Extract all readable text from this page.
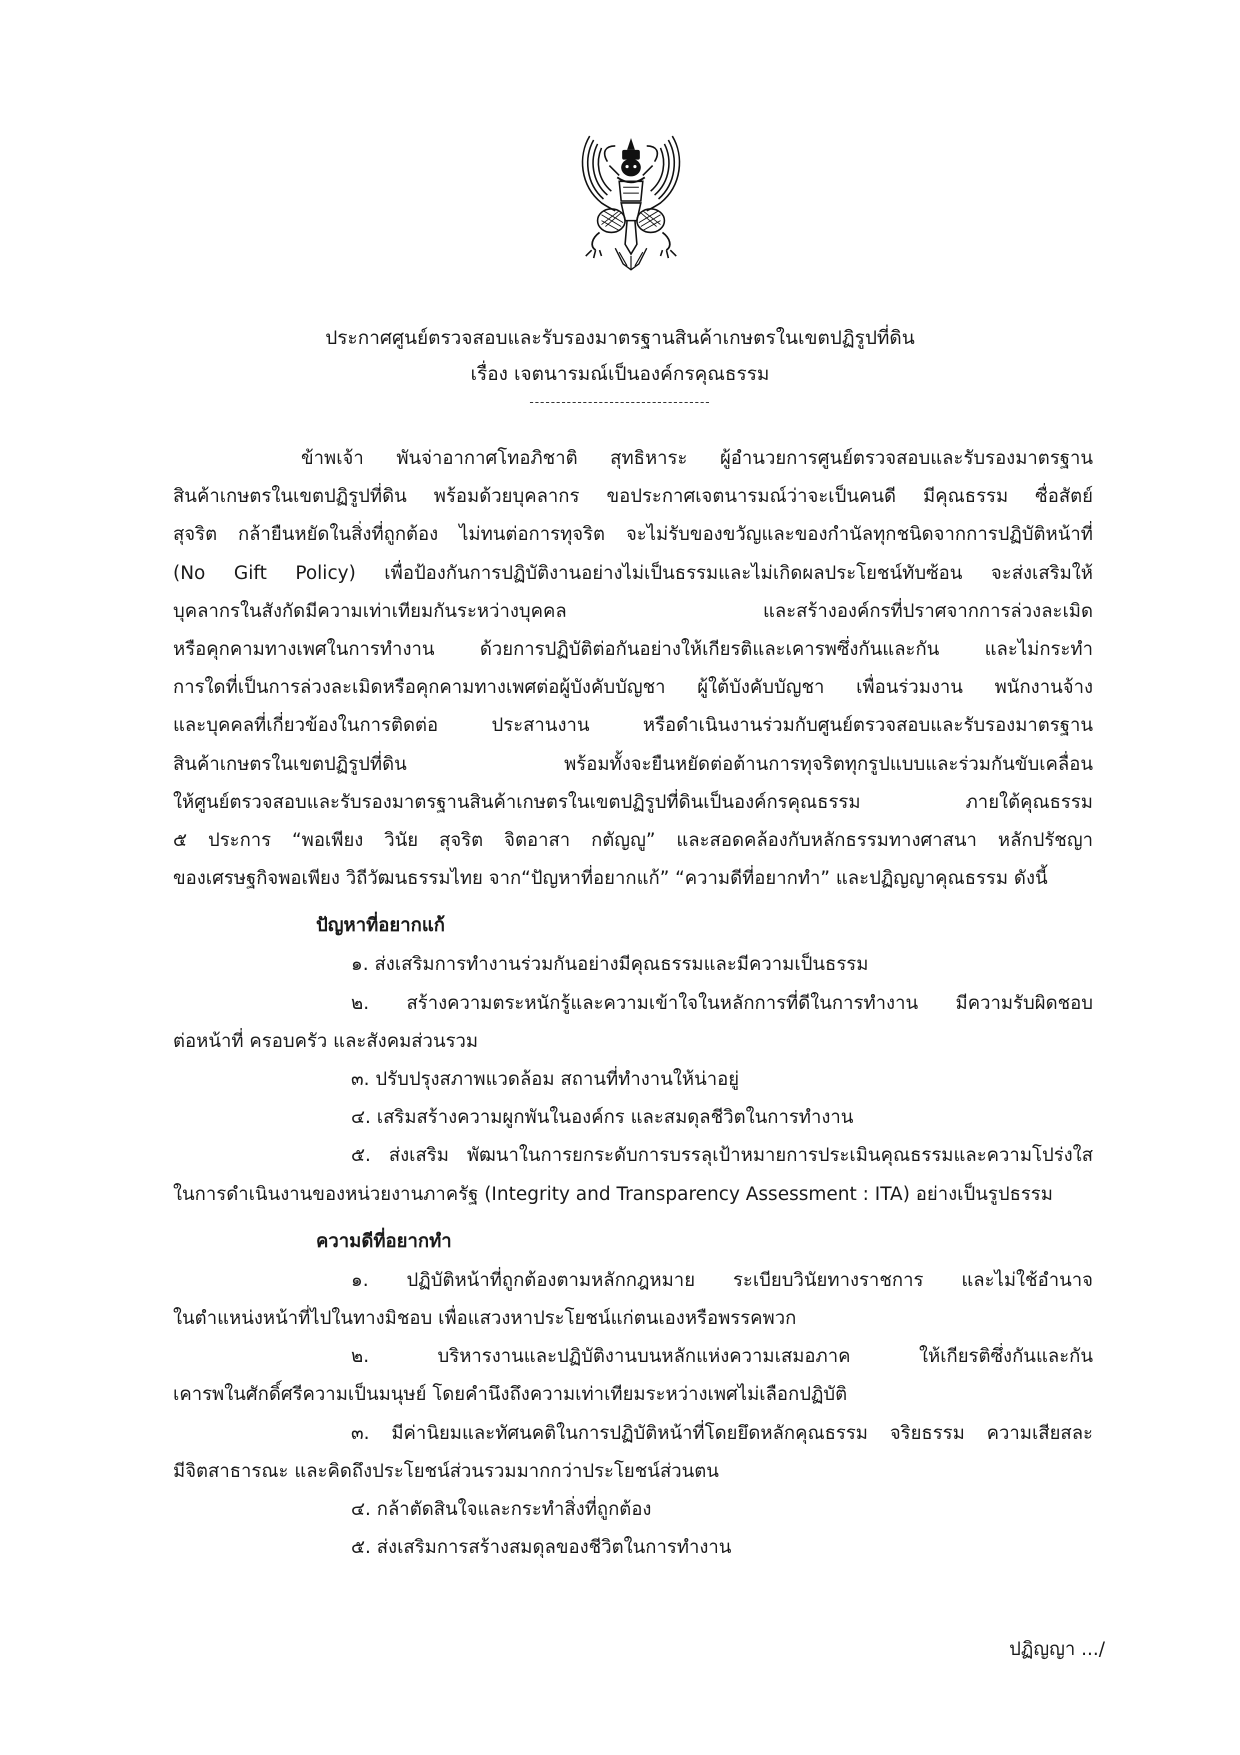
ประกาศศูนย์ตรวจสอบและรับรองมาตรฐานสินค้าเกษตรในเขตปฏิรูปที่ดิน
เรื่อง เจตนารมณ์เป็นองค์กรคุณธรรม
----------------------------------
ข้าพเจ้า พันจ่าอากาศโทอภิชาติ สุทธิหาระ ผู้อำนวยการศูนย์ตรวจสอบและรับรองมาตรฐาน
สินค้าเกษตรในเขตปฏิรูปที่ดิน พร้อมด้วยบุคลากร ขอประกาศเจตนารมณ์ว่าจะเป็นคนดี มีคุณธรรม ซื่อสัตย์
สุจริต กล้ายืนหยัดในสิ่งที่ถูกต้อง ไม่ทนต่อการทุจริต จะไม่รับของขวัญและของกำนัลทุกชนิดจากการปฏิบัติหน้าที่
(No Gift Policy) เพื่อป้องกันการปฏิบัติงานอย่างไม่เป็นธรรมและไม่เกิดผลประโยชน์ทับซ้อน จะส่งเสริมให้
บุคลากรในสังกัดมีความเท่าเทียมกันระหว่างบุคคล และสร้างองค์กรที่ปราศจากการล่วงละเมิด
หรือคุกคามทางเพศในการทำงาน ด้วยการปฏิบัติต่อกันอย่างให้เกียรติและเคารพซึ่งกันและกัน และไม่กระทำ
การใดที่เป็นการล่วงละเมิดหรือคุกคามทางเพศต่อผู้บังคับบัญชา ผู้ใต้บังคับบัญชา เพื่อนร่วมงาน พนักงานจ้าง
และบุคคลที่เกี่ยวข้องในการติดต่อ ประสานงาน หรือดำเนินงานร่วมกับศูนย์ตรวจสอบและรับรองมาตรฐาน
สินค้าเกษตรในเขตปฏิรูปที่ดิน พร้อมทั้งจะยืนหยัดต่อต้านการทุจริตทุกรูปแบบและร่วมกันขับเคลื่อน
ให้ศูนย์ตรวจสอบและรับรองมาตรฐานสินค้าเกษตรในเขตปฏิรูปที่ดินเป็นองค์กรคุณธรรม ภายใต้คุณธรรม
๕ ประการ “พอเพียง วินัย สุจริต จิตอาสา กตัญญู” และสอดคล้องกับหลักธรรมทางศาสนา หลักปรัชญา
ของเศรษฐกิจพอเพียง วิถีวัฒนธรรมไทย จาก“ปัญหาที่อยากแก้” “ความดีที่อยากทำ” และปฏิญญาคุณธรรม ดังนี้
ปัญหาที่อยากแก้
๑. ส่งเสริมการทำงานร่วมกันอย่างมีคุณธรรมและมีความเป็นธรรม
๒. สร้างความตระหนักรู้และความเข้าใจในหลักการที่ดีในการทำงาน มีความรับผิดชอบ
ต่อหน้าที่ ครอบครัว และสังคมส่วนรวม
๓. ปรับปรุงสภาพแวดล้อม สถานที่ทำงานให้น่าอยู่
๔. เสริมสร้างความผูกพันในองค์กร และสมดุลชีวิตในการทำงาน
๕. ส่งเสริม พัฒนาในการยกระดับการบรรลุเป้าหมายการประเมินคุณธรรมและความโปร่งใส
ในการดำเนินงานของหน่วยงานภาครัฐ (Integrity and Transparency Assessment : ITA) อย่างเป็นรูปธรรม
ความดีที่อยากทำ
๑. ปฏิบัติหน้าที่ถูกต้องตามหลักกฎหมาย ระเบียบวินัยทางราชการ และไม่ใช้อำนาจ
ในตำแหน่งหน้าที่ไปในทางมิชอบ เพื่อแสวงหาประโยชน์แก่ตนเองหรือพรรคพวก
๒. บริหารงานและปฏิบัติงานบนหลักแห่งความเสมอภาค ให้เกียรติซึ่งกันและกัน
เคารพในศักดิ์ศรีความเป็นมนุษย์ โดยคำนึงถึงความเท่าเทียมระหว่างเพศไม่เลือกปฏิบัติ
๓. มีค่านิยมและทัศนคติในการปฏิบัติหน้าที่โดยยึดหลักคุณธรรม จริยธรรม ความเสียสละ
มีจิตสาธารณะ และคิดถึงประโยชน์ส่วนรวมมากกว่าประโยชน์ส่วนตน
๔. กล้าตัดสินใจและกระทำสิ่งที่ถูกต้อง
๕. ส่งเสริมการสร้างสมดุลของชีวิตในการทำงาน
ปฏิญญา .../
